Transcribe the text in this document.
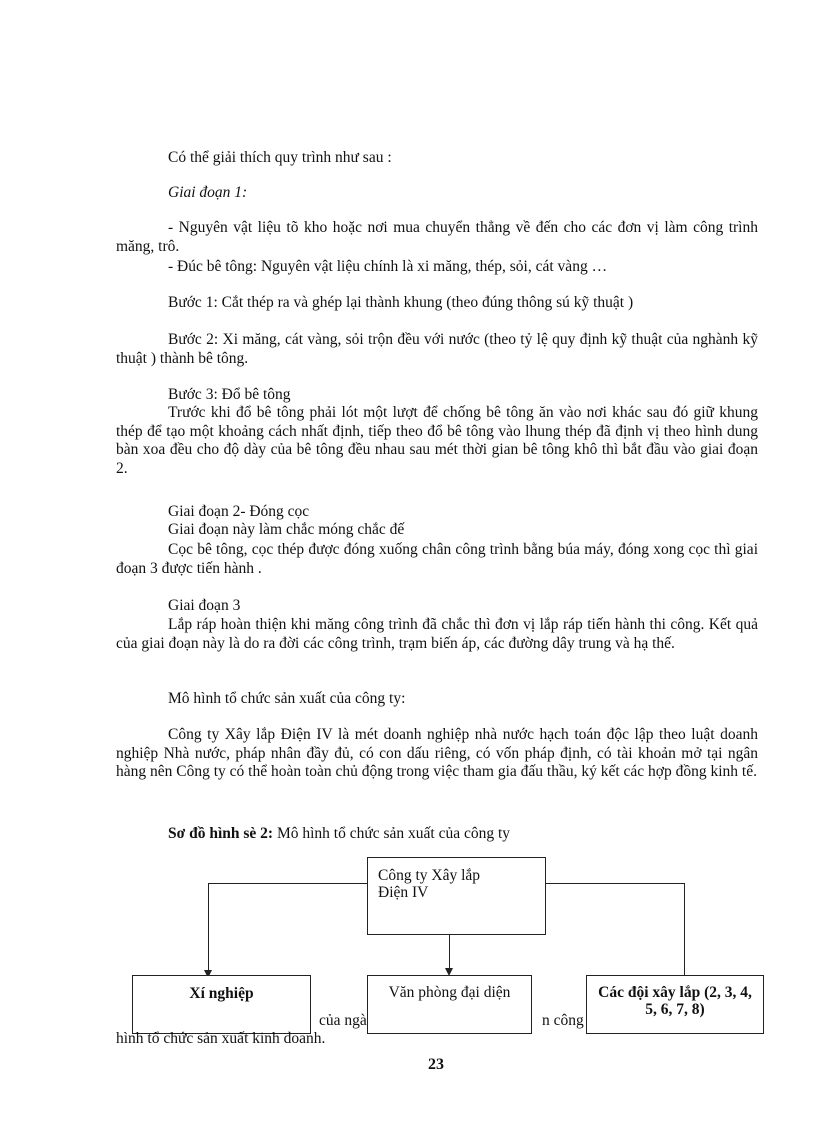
Có thể giải thích quy trình như sau :
Giai đoạn 1:
- Nguyên vật liệu tõ kho hoặc nơi mua chuyển thẳng về đến cho các đơn vị làm công trình măng, trô.
- Đúc bê tông: Nguyên vật liệu chính là xi măng, thép, sỏi, cát vàng …
Bước 1: Cắt thép ra và ghép lại thành khung (theo đúng thông sú kỹ thuật )
Bước 2: Xi măng, cát vàng, sỏi trộn đều với nước (theo tỷ lệ quy định kỹ thuật của nghành kỹ thuật ) thành bê tông.
Bước 3: Đổ bê tông
Trước khi đổ bê tông phải lót một lượt để chống bê tông ăn vào nơi khác sau đó giữ khung thép để tạo một khoảng cách nhất định, tiếp theo đổ bê tông vào lhung thép đã định vị theo hình dung bàn xoa đều cho độ dày của bê tông đều nhau sau mét thời gian bê tông khô thì bắt đầu vào giai đoạn 2.
Giai đoạn 2- Đóng cọc
Giai đoạn này làm chắc móng chắc đế
Cọc bê tông, cọc thép được đóng xuống chân công trình bằng búa máy, đóng xong cọc thì giai đoạn 3 được tiến hành .
Giai đoạn 3
Lắp ráp hoàn thiện khi măng công trình đã chắc thì đơn vị lắp ráp tiến hành thi công. Kết quả của giai đoạn này là do ra đời các công trình, trạm biến áp, các đường dây trung và hạ thế.
Mô hình tổ chức sản xuất của công ty:
Công ty Xây lắp Điện IV là mét doanh nghiệp nhà nước hạch toán độc lập theo luật doanh nghiệp Nhà nước, pháp nhân đầy đủ, có con dấu riêng, có vốn pháp định, có tài khoản mở tại ngân hàng nên Công ty có thể hoàn toàn chủ động trong việc tham gia đấu thầu, ký kết các hợp đồng kinh tế.
Sơ đồ hình sè 2: Mô hình tổ chức sản xuất của công ty
Công ty Xây lắp Điện IV
Xí nghiệp	Văn phòng đại diện	Các đội xây lắp (2, 3, 4, 5, 6, 7, 8)
của ngà	n công
hình tổ chức sản xuất kinh doanh.
23
